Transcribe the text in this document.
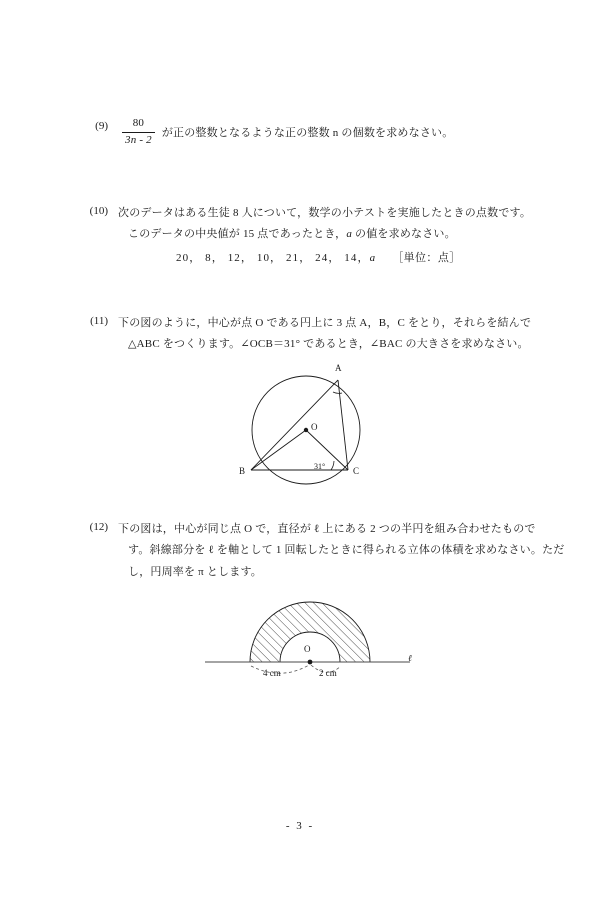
$(9) \frac{80}{3n - 2}$ が正の整数となるような正の整数 n の個数を求めなさい。
(10) 次のデータはある生徒 8 人について，数学の小テストを実施したときの点数です。
このデータの中央値が 15 点であったとき，a の値を求めなさい。
20， 8， 12， 10， 21， 24， 14，a ［単位：点］
(11) 下の図のように，中心が点 O である円上に 3 点 A，B，C をとり，それらを結んで
△ABC をつくります。∠OCB＝31° であるとき，∠BAC の大きさを求めなさい。
A
B	C
O
31°
(12) 下の図は，中心が同じ点 O で，直径が ℓ 上にある 2 つの半円を組み合わせたもので
す。斜線部分を ℓ を軸として 1 回転したときに得られる立体の体積を求めなさい。ただ
し，円周率を π とします。
O
ℓ
4 cm	2 cm
- 3 -
